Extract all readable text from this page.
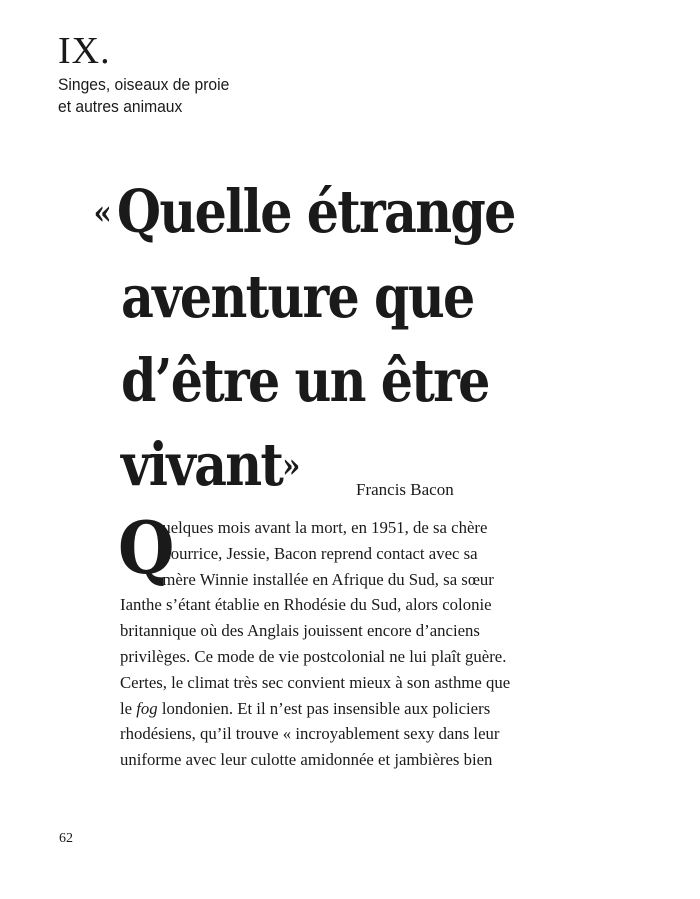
IX.
Singes, oiseaux de proie
et autres animaux
«Quelle étrange
aventure que
d’être un être
vivant»
Francis Bacon
Q
uelques mois avant la mort, en 1951, de sa chère
nourrice, Jessie, Bacon reprend contact avec sa
mère Winnie installée en Afrique du Sud, sa sœur
Ianthe s’étant établie en Rhodésie du Sud, alors colonie
britannique où des Anglais jouissent encore d’anciens
privilèges. Ce mode de vie postcolonial ne lui plaît guère.
Certes, le climat très sec convient mieux à son asthme que
le fog londonien. Et il n’est pas insensible aux policiers
rhodésiens, qu’il trouve « incroyablement sexy dans leur
uniforme avec leur culotte amidonnée et jambières bien
62
